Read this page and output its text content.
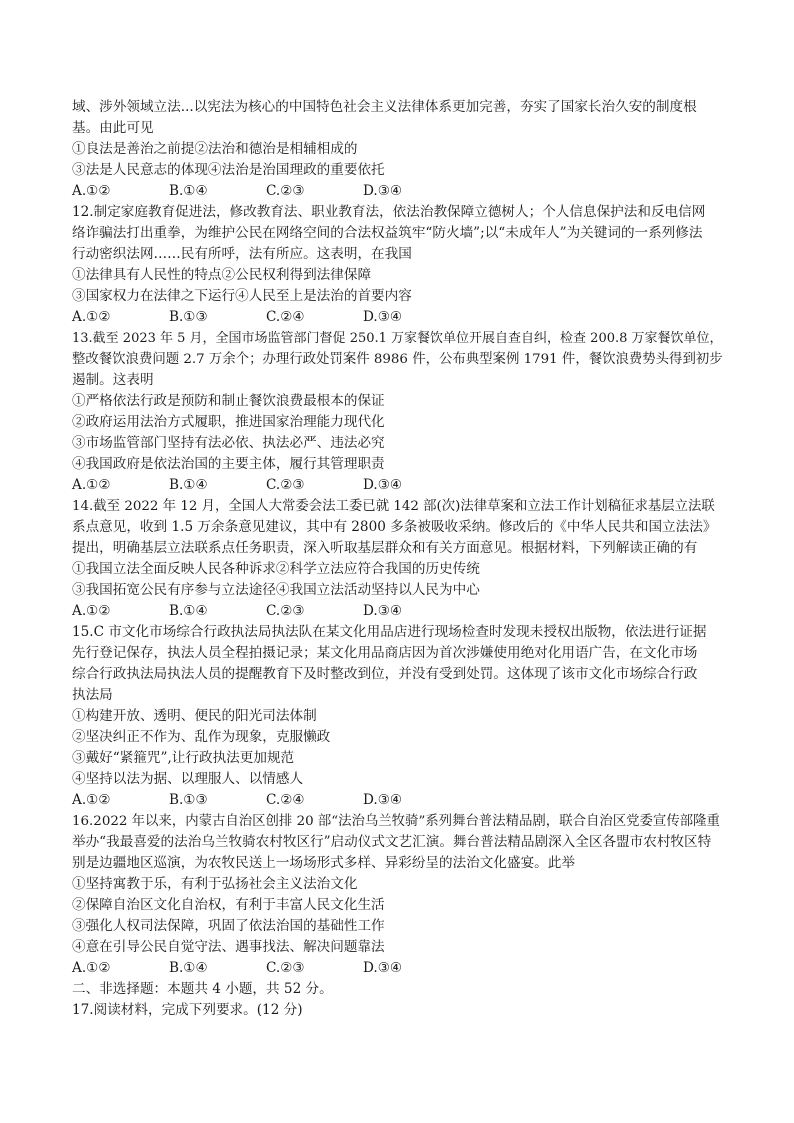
域、涉外领域立法...以宪法为核心的中国特色社会主义法律体系更加完善，夯实了国家长治久安的制度根
基。由此可见
①良法是善治之前提②法治和德治是相辅相成的
③法是人民意志的体现④法治是治国理政的重要依托
A.①②	B.①④	C.②③	D.③④
12.制定家庭教育促进法，修改教育法、职业教育法，依法治教保障立德树人；个人信息保护法和反电信网
络诈骗法打出重拳，为维护公民在网络空间的合法权益筑牢“防火墙”;以“未成年人”为关键词的一系列修法
行动密织法网……民有所呼，法有所应。这表明，在我国
①法律具有人民性的特点②公民权利得到法律保障
③国家权力在法律之下运行④人民至上是法治的首要内容
A.①②	B.①③	C.②④	D.③④
13.截至 2023 年 5 月，全国市场监管部门督促 250.1 万家餐饮单位开展自查自纠，检查 200.8 万家餐饮单位，
整改餐饮浪费问题 2.7 万余个；办理行政处罚案件 8986 件，公布典型案例 1791 件，餐饮浪费势头得到初步
遏制。这表明
①严格依法行政是预防和制止餐饮浪费最根本的保证
②政府运用法治方式履职，推进国家治理能力现代化
③市场监管部门坚持有法必依、执法必严、违法必究
④我国政府是依法治国的主要主体，履行其管理职责
A.①②	B.①④	C.②③	D.③④
14.截至 2022 年 12 月，全国人大常委会法工委已就 142 部(次)法律草案和立法工作计划稿征求基层立法联
系点意见，收到 1.5 万余条意见建议，其中有 2800 多条被吸收采纳。修改后的《中华人民共和国立法法》
提出，明确基层立法联系点任务职责，深入听取基层群众和有关方面意见。根据材料，下列解读正确的有
①我国立法全面反映人民各种诉求②科学立法应符合我国的历史传统
③我国拓宽公民有序参与立法途径④我国立法活动坚持以人民为中心
A.①②	B.①④	C.②③	D.③④
15.C 市文化市场综合行政执法局执法队在某文化用品店进行现场检查时发现未授权出版物，依法进行证据
先行登记保存，执法人员全程拍摄记录；某文化用品商店因为首次涉嫌使用绝对化用语广告，在文化市场
综合行政执法局执法人员的提醒教育下及时整改到位，并没有受到处罚。这体现了该市文化市场综合行政
执法局
①构建开放、透明、便民的阳光司法体制
②坚决纠正不作为、乱作为现象，克服懒政
③戴好“紧箍咒”,让行政执法更加规范
④坚持以法为据、以理服人、以情感人
A.①②	B.①③	C.②④	D.③④
16.2022 年以来，内蒙古自治区创排 20 部“法治乌兰牧骑”系列舞台普法精品剧，联合自治区党委宣传部隆重
举办“我最喜爱的法治乌兰牧骑农村牧区行”启动仪式文艺汇演。舞台普法精品剧深入全区各盟市农村牧区特
别是边疆地区巡演，为农牧民送上一场场形式多样、异彩纷呈的法治文化盛宴。此举
①坚持寓教于乐，有利于弘扬社会主义法治文化
②保障自治区文化自治权，有利于丰富人民文化生活
③强化人权司法保障，巩固了依法治国的基础性工作
④意在引导公民自觉守法、遇事找法、解决问题靠法
A.①②	B.①④	C.②③	D.③④
二、非选择题：本题共 4 小题，共 52 分。
17.阅读材料，完成下列要求。(12 分)
